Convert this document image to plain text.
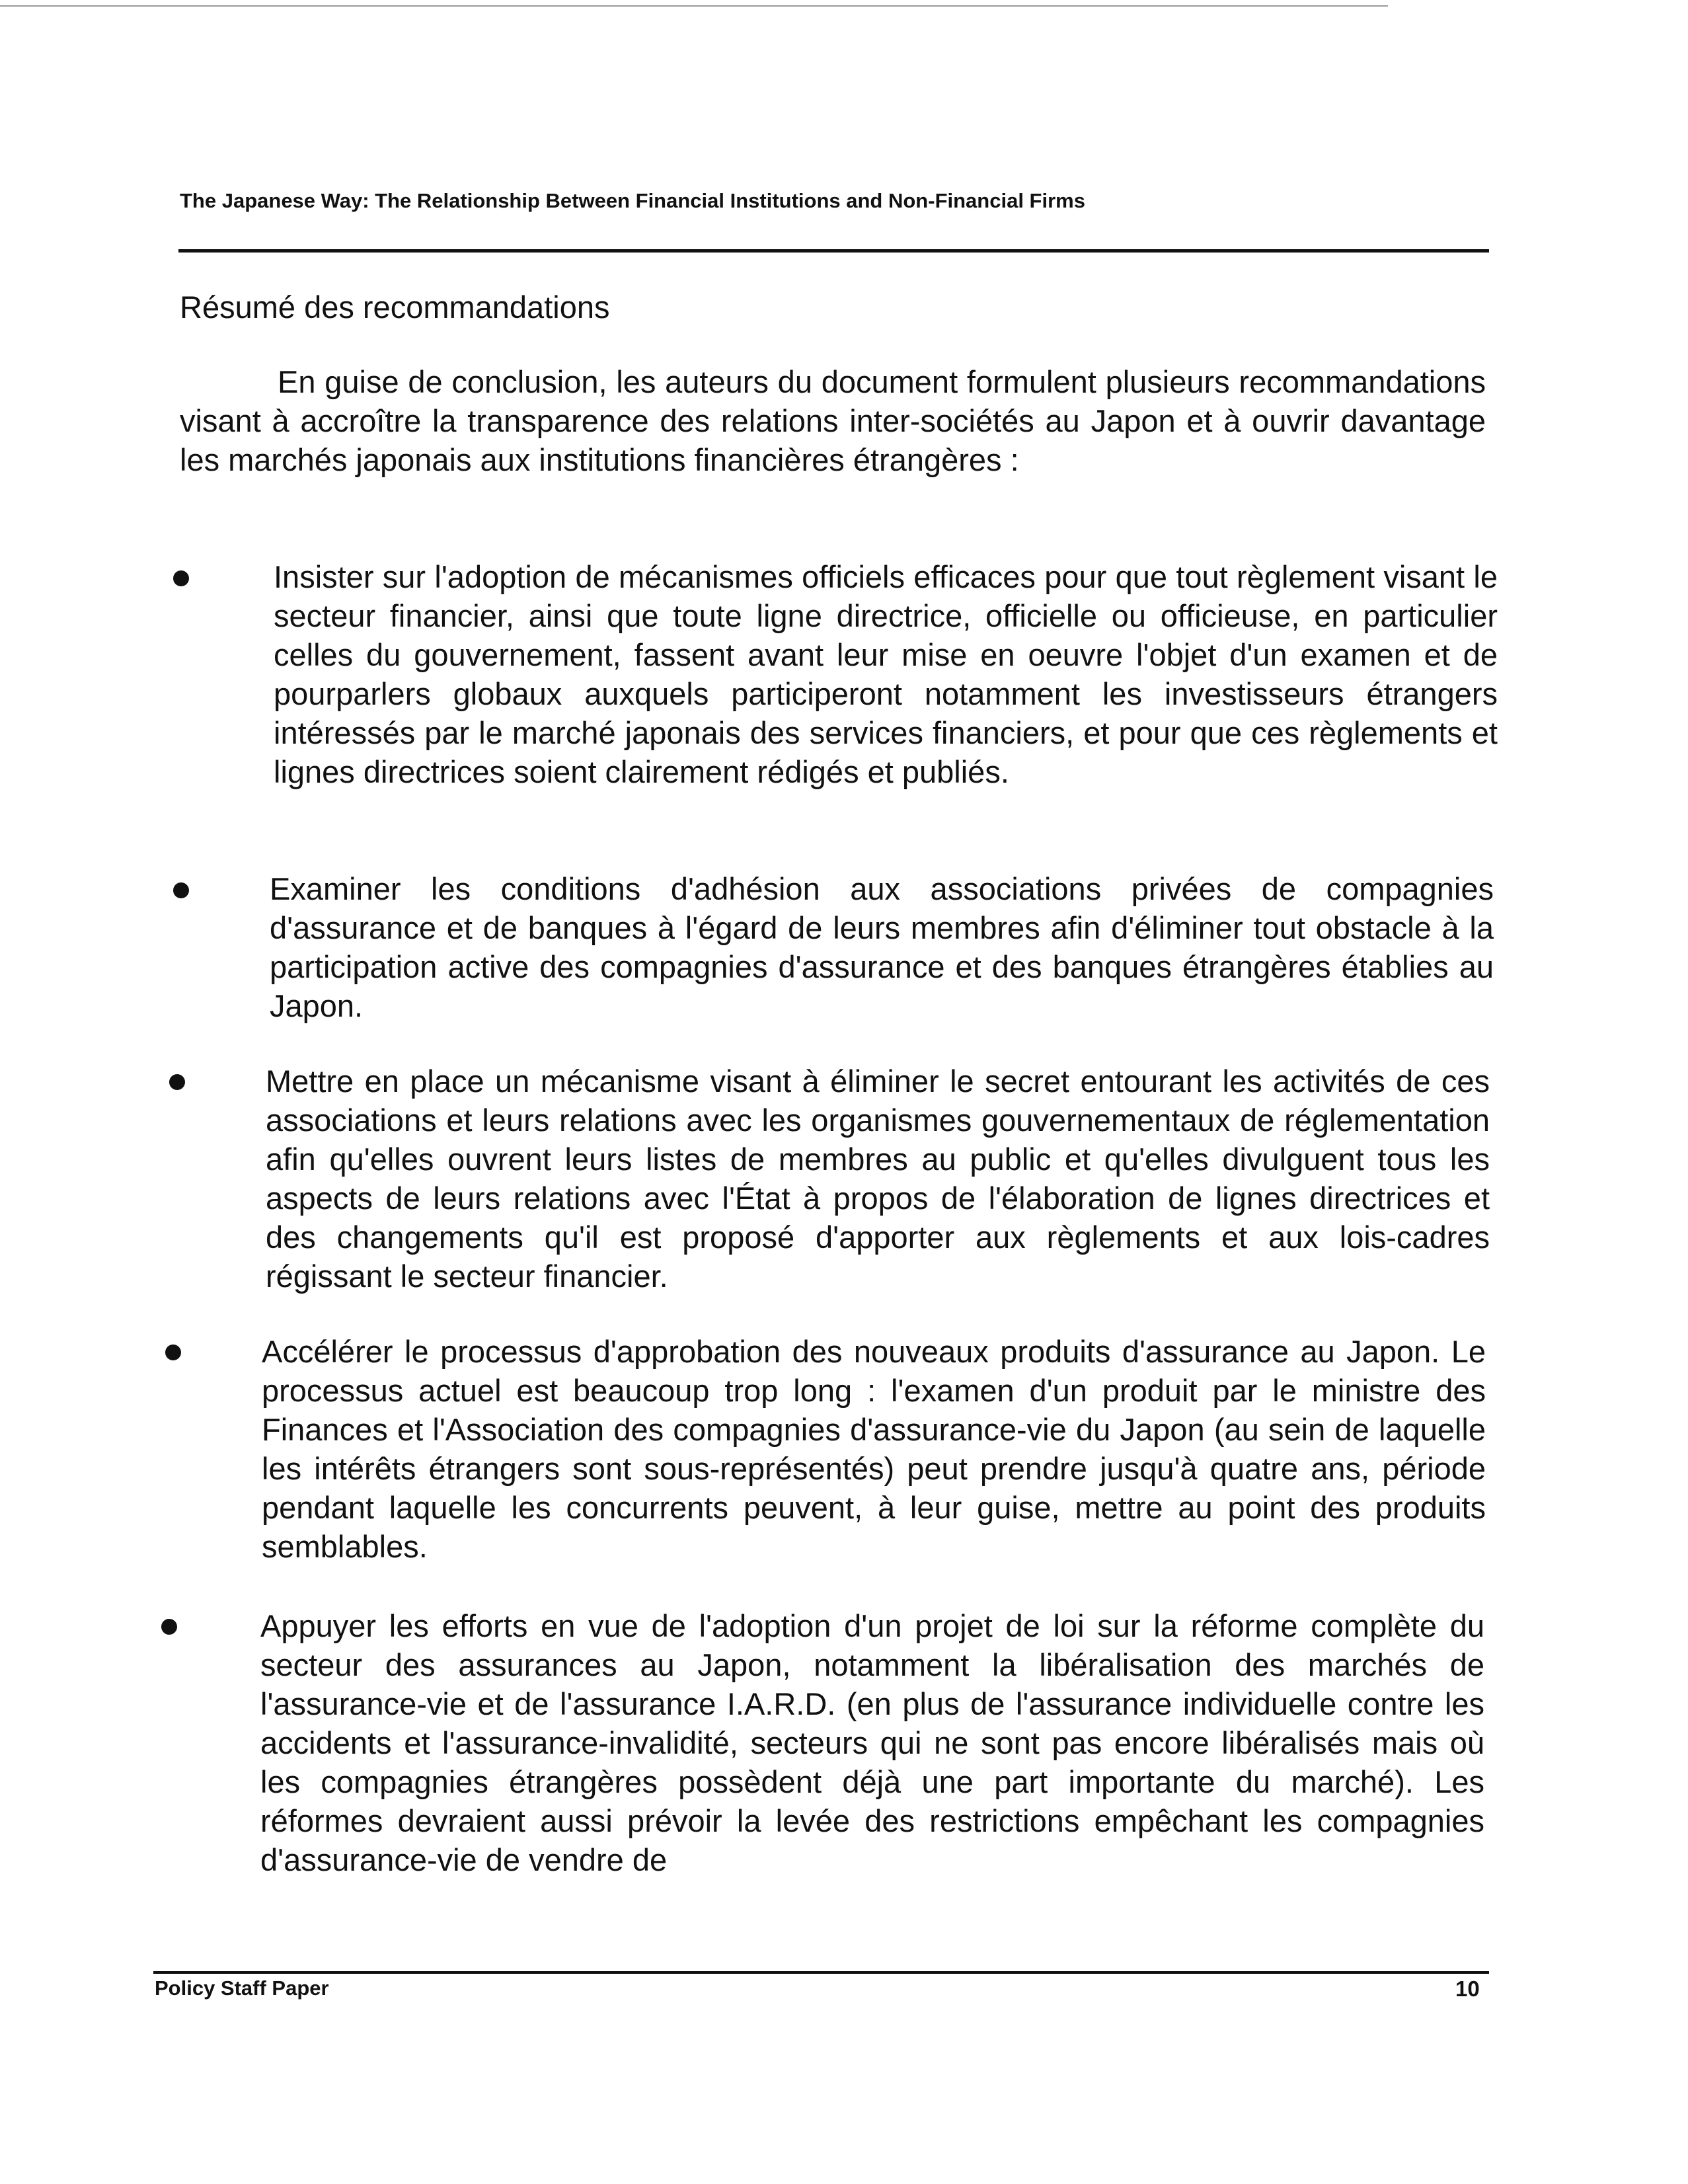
The Japanese Way: The Relationship Between Financial Institutions and Non-Financial Firms
Résumé des recommandations

En guise de conclusion, les auteurs du document formulent plusieurs recommandations visant à accroître la transparence des relations inter-sociétés au Japon et à ouvrir davantage les marchés japonais aux institutions financières étrangères :

Insister sur l'adoption de mécanismes officiels efficaces pour que tout règlement visant le secteur financier, ainsi que toute ligne directrice, officielle ou officieuse, en particulier celles du gouvernement, fassent avant leur mise en oeuvre l'objet d'un examen et de pourparlers globaux auxquels participeront notamment les investisseurs étrangers intéressés par le marché japonais des services financiers, et pour que ces règlements et lignes directrices soient clairement rédigés et publiés.
Examiner les conditions d'adhésion aux associations privées de compagnies d'assurance et de banques à l'égard de leurs membres afin d'éliminer tout obstacle à la participation active des compagnies d'assurance et des banques étrangères établies au Japon.
Mettre en place un mécanisme visant à éliminer le secret entourant les activités de ces associations et leurs relations avec les organismes gouvernementaux de réglementation afin qu'elles ouvrent leurs listes de membres au public et qu'elles divulguent tous les aspects de leurs relations avec l'État à propos de l'élaboration de lignes directrices et des changements qu'il est proposé d'apporter aux règlements et aux lois-cadres régissant le secteur financier.
Accélérer le processus d'approbation des nouveaux produits d'assurance au Japon. Le processus actuel est beaucoup trop long : l'examen d'un produit par le ministre des Finances et l'Association des compagnies d'assurance-vie du Japon (au sein de laquelle les intérêts étrangers sont sous-représentés) peut prendre jusqu'à quatre ans, période pendant laquelle les concurrents peuvent, à leur guise, mettre au point des produits semblables.
Appuyer les efforts en vue de l'adoption d'un projet de loi sur la réforme complète du secteur des assurances au Japon, notamment la libéralisation des marchés de l'assurance-vie et de l'assurance I.A.R.D. (en plus de l'assurance individuelle contre les accidents et l'assurance-invalidité, secteurs qui ne sont pas encore libéralisés mais où les compagnies étrangères possèdent déjà une part importante du marché). Les réformes devraient aussi prévoir la levée des restrictions empêchant les compagnies d'assurance-vie de vendre de
Policy Staff Paper	10
